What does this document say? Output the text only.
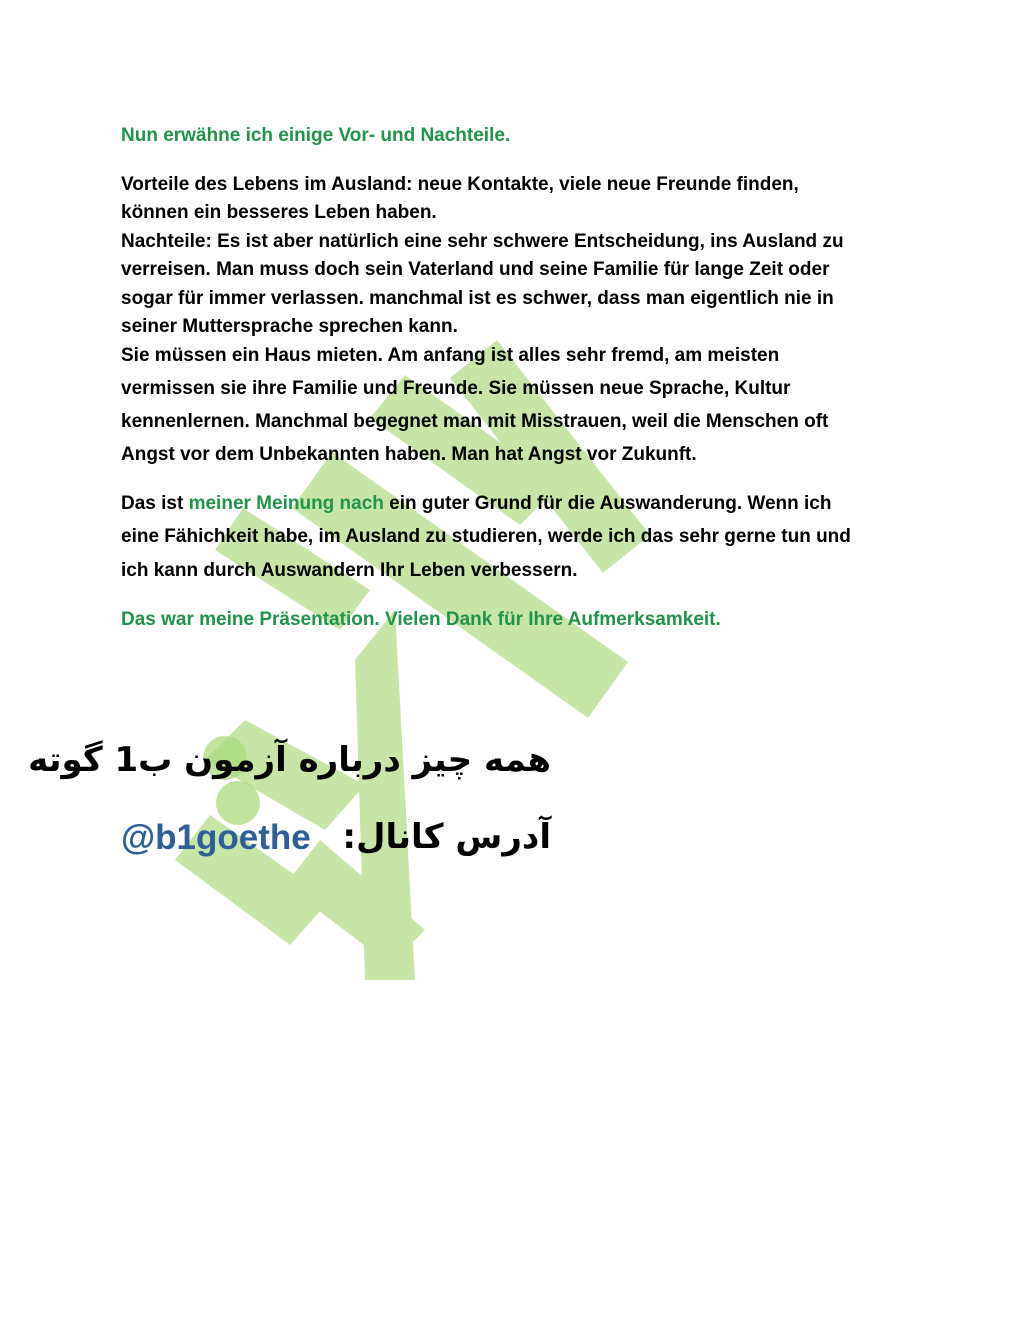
Nun erwähne ich einige Vor- und Nachteile.
Vorteile des Lebens im Ausland: neue Kontakte, viele neue Freunde finden,
können ein besseres Leben haben.
Nachteile: Es ist aber natürlich eine sehr schwere Entscheidung, ins Ausland zu
verreisen. Man muss doch sein Vaterland und seine Familie für lange Zeit oder
sogar für immer verlassen. manchmal ist es schwer, dass man eigentlich nie in
seiner Muttersprache sprechen kann.
Sie müssen ein Haus mieten. Am anfang ist alles sehr fremd, am meisten
vermissen sie ihre Familie und Freunde. Sie müssen neue Sprache, Kultur
kennenlernen. Manchmal begegnet man mit Misstrauen, weil die Menschen oft
Angst vor dem Unbekannten haben. Man hat Angst vor Zukunft.
Das ist meiner Meinung nach ein guter Grund für die Auswanderung. Wenn ich
eine Fähichkeit habe, im Ausland zu studieren, werde ich das sehr gerne tun und
ich kann durch Auswandern Ihr Leben verbessern.
Das war meine Präsentation. Vielen Dank für Ihre Aufmerksamkeit.
همه چیز درباره آزمون ب1 گوته
آدرس کانال:
@b1goethe
